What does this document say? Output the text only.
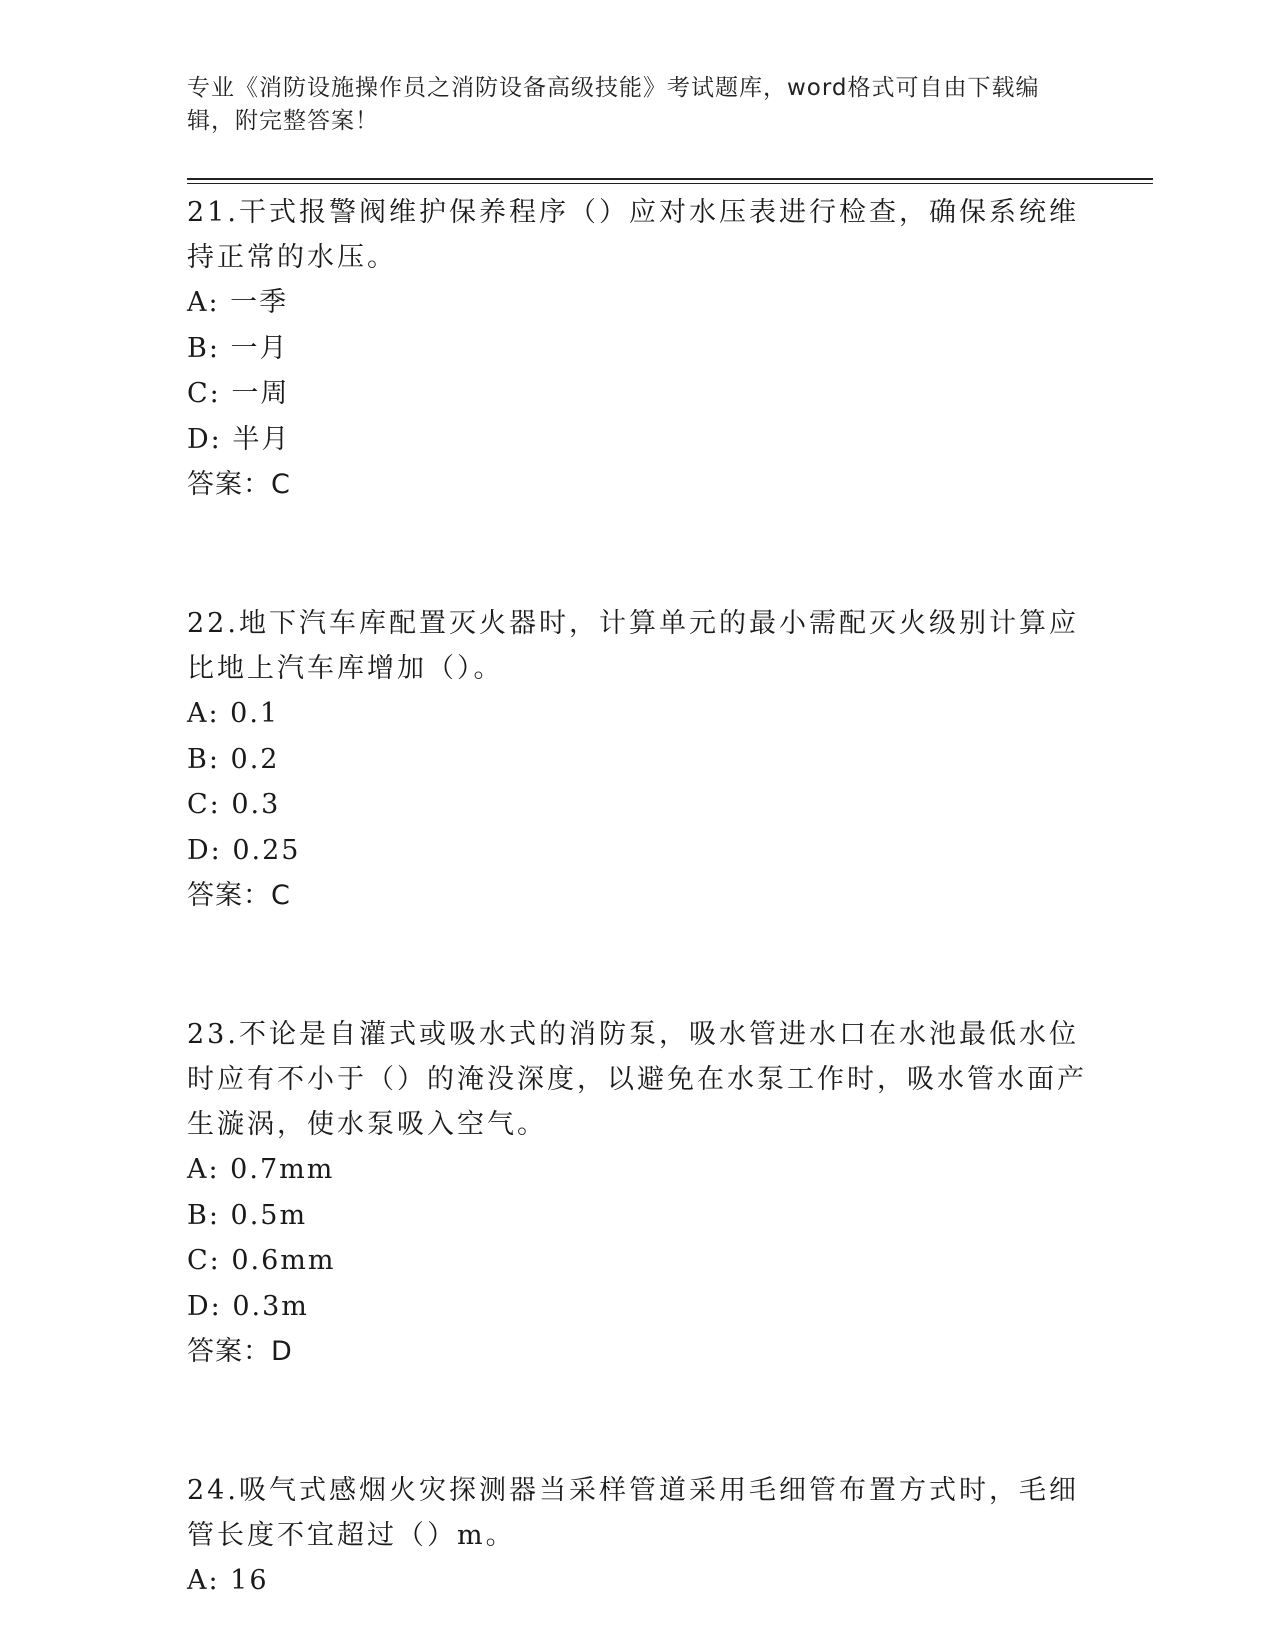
专业《消防设施操作员之消防设备高级技能》考试题库，word格式可自由下载编辑，附完整答案！
21.干式报警阀维护保养程序（）应对水压表进行检查，确保系统维持正常的水压。
A: 一季
B: 一月
C: 一周
D: 半月
答案：C
22.地下汽车库配置灭火器时，计算单元的最小需配灭火级别计算应比地上汽车库增加（）。
A: 0.1
B: 0.2
C: 0.3
D: 0.25
答案：C
23.不论是自灌式或吸水式的消防泵，吸水管进水口在水池最低水位时应有不小于（）的淹没深度，以避免在水泵工作时，吸水管水面产生漩涡，使水泵吸入空气。
A: 0.7mm
B: 0.5m
C: 0.6mm
D: 0.3m
答案：D
24.吸气式感烟火灾探测器当采样管道采用毛细管布置方式时，毛细管长度不宜超过（）m。
A: 16
